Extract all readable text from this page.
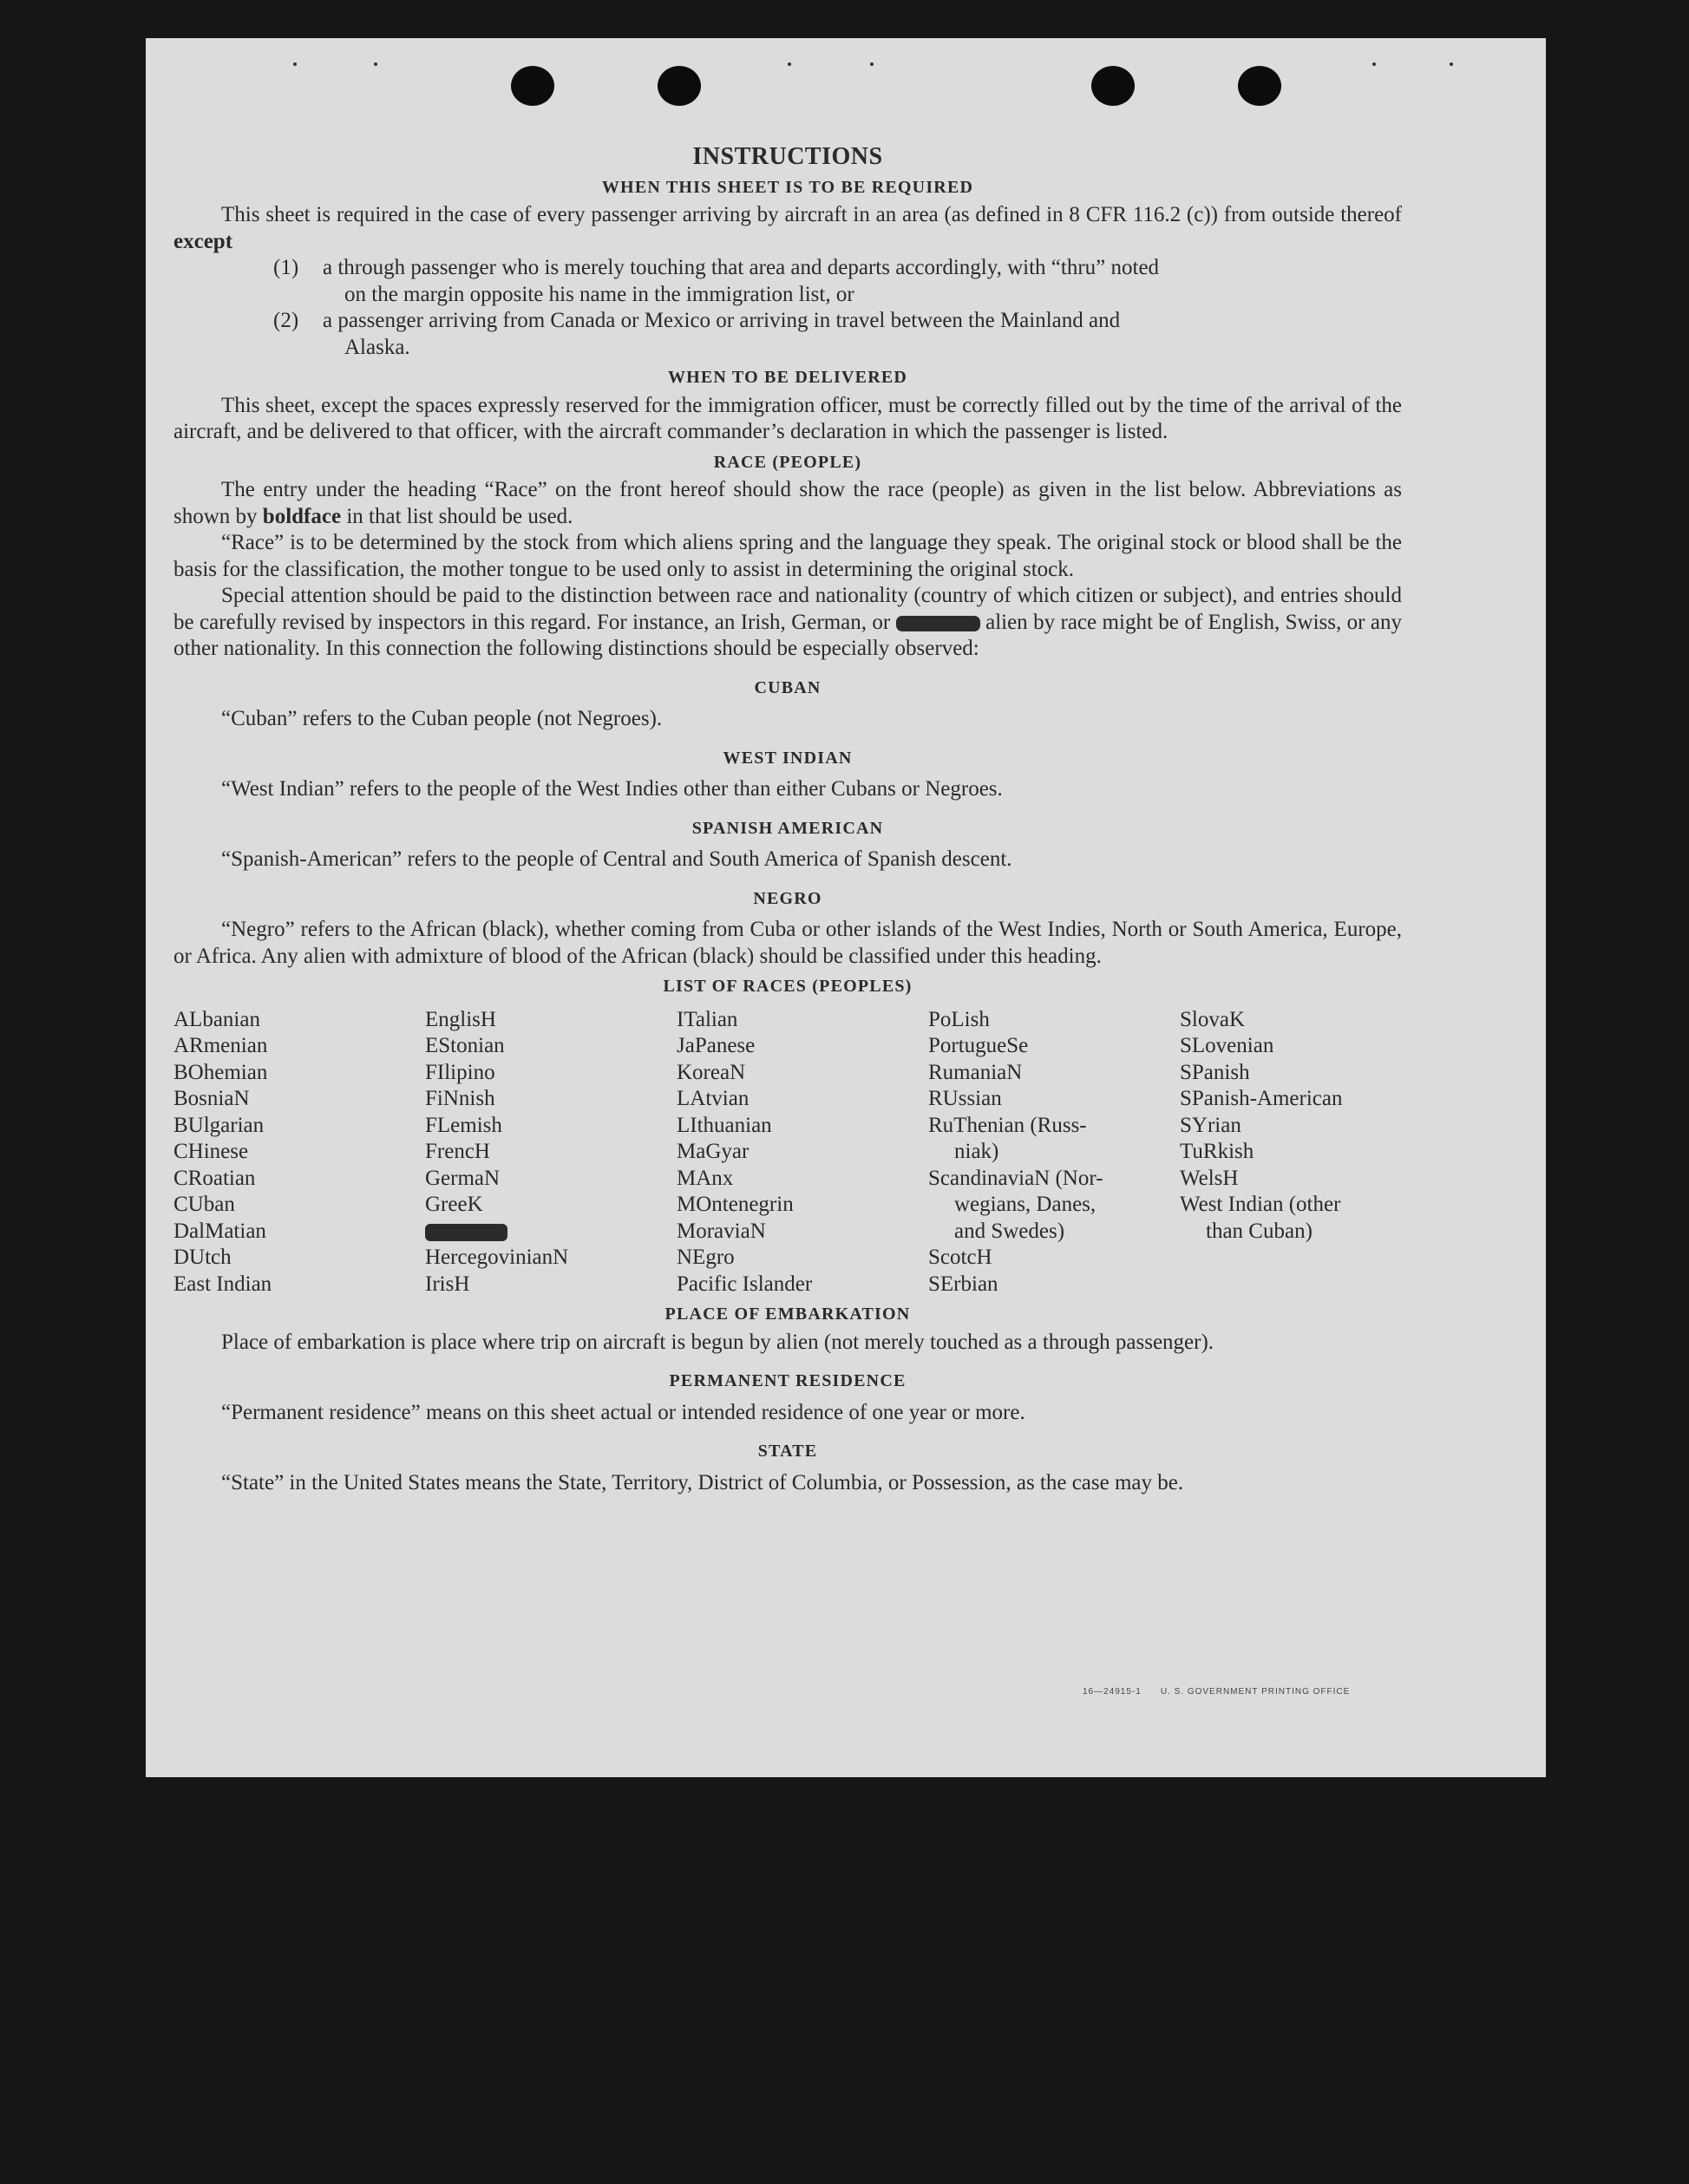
INSTRUCTIONS
WHEN THIS SHEET IS TO BE REQUIRED

This sheet is required in the case of every passenger arriving by aircraft in an area (as defined in 8 CFR 116.2 (c)) from outside thereof except

(1)	a through passenger who is merely touching that area and departs accordingly, with “thru” noted
on the margin opposite his name in the immigration list, or
(2)	a passenger arriving from Canada or Mexico or arriving in travel between the Mainland and
Alaska.
WHEN TO BE DELIVERED

This sheet, except the spaces expressly reserved for the immigration officer, must be correctly filled out by the time of the arrival of the aircraft, and be delivered to that officer, with the aircraft commander’s declaration in which the passenger is listed.

RACE (PEOPLE)

The entry under the heading “Race” on the front hereof should show the race (people) as given in the list below. Abbreviations as shown by boldface in that list should be used.

“Race” is to be determined by the stock from which aliens spring and the language they speak. The original stock or blood shall be the basis for the classification, the mother tongue to be used only to assist in determining the original stock.

Special attention should be paid to the distinction between race and nationality (country of which citizen or subject), and entries should be carefully revised by inspectors in this regard. For instance, an Irish, German, or	alien by race might be of English, Swiss, or any other nationality. In this connection the following distinctions should be especially observed:

CUBAN

“Cuban” refers to the Cuban people (not Negroes).

WEST INDIAN

“West Indian” refers to the people of the West Indies other than either Cubans or Negroes.

SPANISH AMERICAN

“Spanish-American” refers to the people of Central and South America of Spanish descent.

NEGRO

“Negro” refers to the African (black), whether coming from Cuba or other islands of the West Indies, North or South America, Europe, or Africa. Any alien with admixture of blood of the African (black) should be classified under this heading.

LIST OF RACES (PEOPLES)
ALbanian
ARmenian
BOhemian
BosniaN
BUlgarian
CHinese
CRoatian
CUban
DalMatian
DUtch
East Indian
EnglisH
EStonian
FIlipino
FiNnish
FLemish
FrencH
GermaN
GreeK
HercegovinianN
IrisH
ITalian
JaPanese
KoreaN
LAtvian
LIthuanian
MaGyar
MAnx
MOntenegrin
MoraviaN
NEgro
Pacific Islander
PoLish
PortugueSe
RumaniaN
RUssian
RuThenian (Russ-
niak)
ScandinaviaN (Nor-
wegians, Danes,
and Swedes)
ScotcH
SErbian
SlovaK
SLovenian
SPanish
SPanish-American
SYrian
TuRkish
WelsH
West Indian (other
than Cuban)
PLACE OF EMBARKATION

Place of embarkation is place where trip on aircraft is begun by alien (not merely touched as a through passenger).

PERMANENT RESIDENCE

“Permanent residence” means on this sheet actual or intended residence of one year or more.

STATE

“State” in the United States means the State, Territory, District of Columbia, or Possession, as the case may be.

16—24915-1 U. S. GOVERNMENT PRINTING OFFICE
